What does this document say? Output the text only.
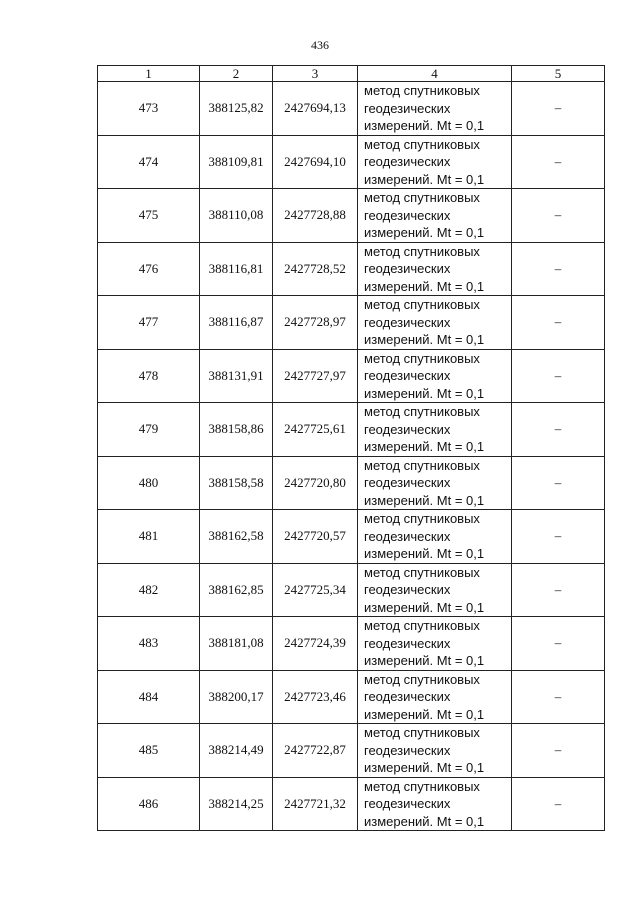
436
1	2	3	4	5
473	388125,82	2427694,13	метод спутниковых
геодезических
измерений. Mt = 0,1	–
474	388109,81	2427694,10	метод спутниковых
геодезических
измерений. Mt = 0,1	–
475	388110,08	2427728,88	метод спутниковых
геодезических
измерений. Mt = 0,1	–
476	388116,81	2427728,52	метод спутниковых
геодезических
измерений. Mt = 0,1	–
477	388116,87	2427728,97	метод спутниковых
геодезических
измерений. Mt = 0,1	–
478	388131,91	2427727,97	метод спутниковых
геодезических
измерений. Mt = 0,1	–
479	388158,86	2427725,61	метод спутниковых
геодезических
измерений. Mt = 0,1	–
480	388158,58	2427720,80	метод спутниковых
геодезических
измерений. Mt = 0,1	–
481	388162,58	2427720,57	метод спутниковых
геодезических
измерений. Mt = 0,1	–
482	388162,85	2427725,34	метод спутниковых
геодезических
измерений. Mt = 0,1	–
483	388181,08	2427724,39	метод спутниковых
геодезических
измерений. Mt = 0,1	–
484	388200,17	2427723,46	метод спутниковых
геодезических
измерений. Mt = 0,1	–
485	388214,49	2427722,87	метод спутниковых
геодезических
измерений. Mt = 0,1	–
486	388214,25	2427721,32	метод спутниковых
геодезических
измерений. Mt = 0,1	–
